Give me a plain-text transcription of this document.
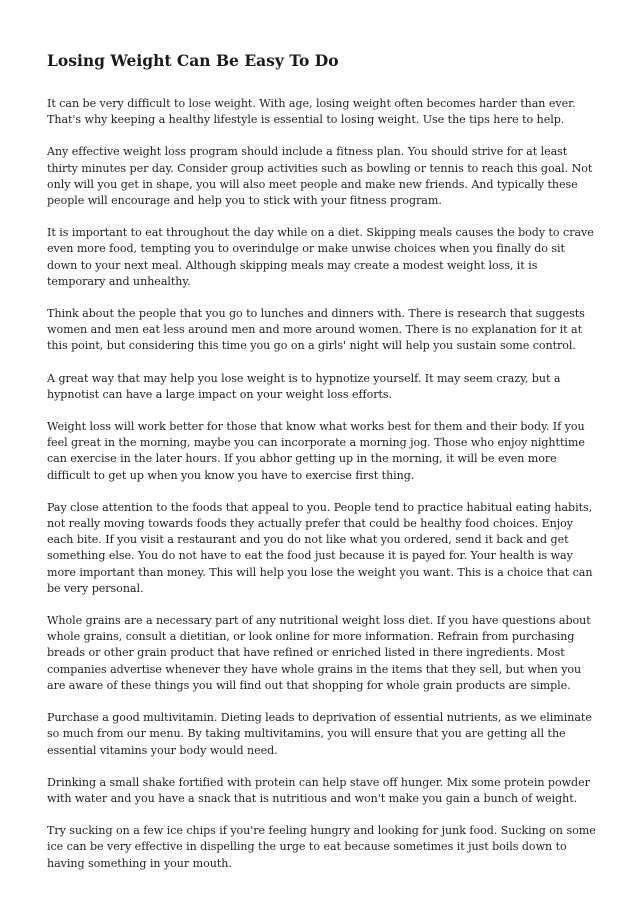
Losing Weight Can Be Easy To Do

It can be very difficult to lose weight. With age, losing weight often becomes harder than ever. That's why keeping a healthy lifestyle is essential to losing weight. Use the tips here to help.

Any effective weight loss program should include a fitness plan. You should strive for at least thirty minutes per day. Consider group activities such as bowling or tennis to reach this goal. Not only will you get in shape, you will also meet people and make new friends. And typically these people will encourage and help you to stick with your fitness program.

It is important to eat throughout the day while on a diet. Skipping meals causes the body to crave even more food, tempting you to overindulge or make unwise choices when you finally do sit down to your next meal. Although skipping meals may create a modest weight loss, it is temporary and unhealthy.

Think about the people that you go to lunches and dinners with. There is research that suggests women and men eat less around men and more around women. There is no explanation for it at this point, but considering this time you go on a girls' night will help you sustain some control.

A great way that may help you lose weight is to hypnotize yourself. It may seem crazy, but a hypnotist can have a large impact on your weight loss efforts.

Weight loss will work better for those that know what works best for them and their body. If you feel great in the morning, maybe you can incorporate a morning jog. Those who enjoy nighttime can exercise in the later hours. If you abhor getting up in the morning, it will be even more difficult to get up when you know you have to exercise first thing.

Pay close attention to the foods that appeal to you. People tend to practice habitual eating habits, not really moving towards foods they actually prefer that could be healthy food choices. Enjoy each bite. If you visit a restaurant and you do not like what you ordered, send it back and get something else. You do not have to eat the food just because it is payed for. Your health is way more important than money. This will help you lose the weight you want. This is a choice that can be very personal.

Whole grains are a necessary part of any nutritional weight loss diet. If you have questions about whole grains, consult a dietitian, or look online for more information. Refrain from purchasing breads or other grain product that have refined or enriched listed in there ingredients. Most companies advertise whenever they have whole grains in the items that they sell, but when you are aware of these things you will find out that shopping for whole grain products are simple.

Purchase a good multivitamin. Dieting leads to deprivation of essential nutrients, as we eliminate so much from our menu. By taking multivitamins, you will ensure that you are getting all the essential vitamins your body would need.

Drinking a small shake fortified with protein can help stave off hunger. Mix some protein powder with water and you have a snack that is nutritious and won't make you gain a bunch of weight.

Try sucking on a few ice chips if you're feeling hungry and looking for junk food. Sucking on some ice can be very effective in dispelling the urge to eat because sometimes it just boils down to having something in your mouth.
